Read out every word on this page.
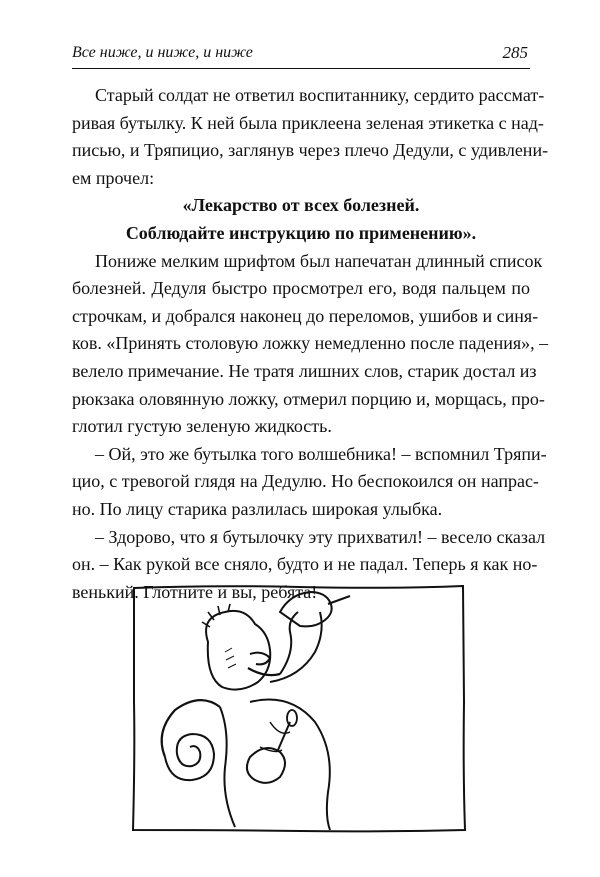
Все ниже, и ниже, и ниже	285
Старый солдат не ответил воспитаннику, сердито рассмат-
ривая бутылку. К ней была приклеена зеленая этикетка с над-
писью, и Тряпицио, заглянув через плечо Дедули, с удивлени-
ем прочел:
«Лекарство от всех болезней.
Соблюдайте инструкцию по применению».
Пониже мелким шрифтом был напечатан длинный список
болезней. Дедуля быстро просмотрел его, водя пальцем по
строчкам, и добрался наконец до переломов, ушибов и синя-
ков. «Принять столовую ложку немедленно после падения», –
велело примечание. Не тратя лишних слов, старик достал из
рюкзака оловянную ложку, отмерил порцию и, морщась, про-
глотил густую зеленую жидкость.
– Ой, это же бутылка того волшебника! – вспомнил Тряпи-
цио, с тревогой глядя на Дедулю. Но беспокоился он напрас-
но. По лицу старика разлилась широкая улыбка.
– Здорово, что я бутылочку эту прихватил! – весело сказал
он. – Как рукой все сняло, будто и не падал. Теперь я как но-
венький. Глотните и вы, ребята!
